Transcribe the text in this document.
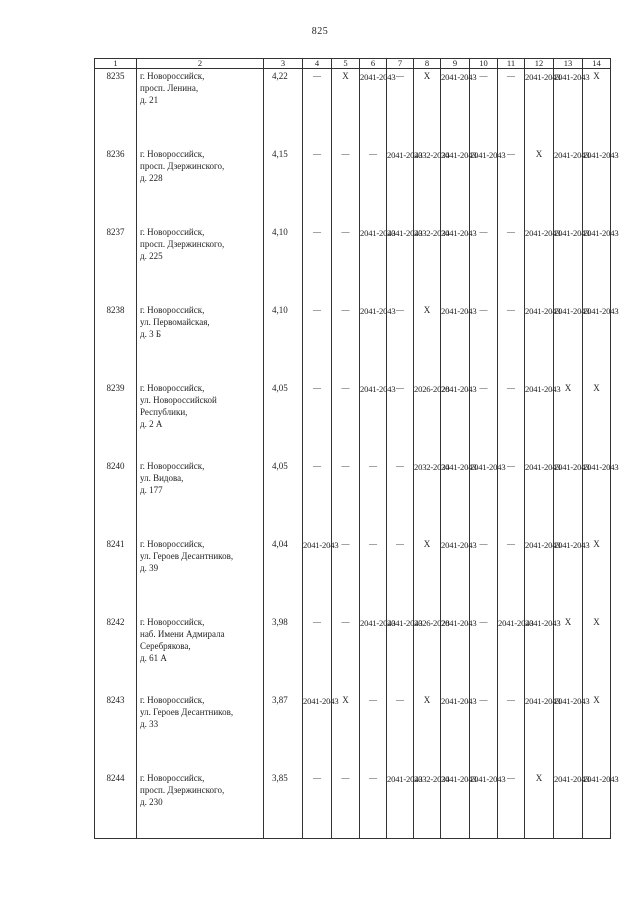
825
1	2	3	4	5	6	7	8	9	10	11	12	13	14
8235	г. Новороссийск,
просп. Ленина,
д. 21	4,22	—	X	2041-2043	—	X	2041-2043	—	—	2041-2043	2041-2043	X

8236	г. Новороссийск,
просп. Дзержинского,
д. 228	4,15	—	—	—	2041-2043	2032-2034	2041-2043	2041-2043	—	X	2041-2043	2041-2043

8237	г. Новороссийск,
просп. Дзержинского,
д. 225	4,10	—	—	2041-2043	2041-2043	2032-2034	2041-2043	—	—	2041-2043	2041-2043	2041-2043

8238	г. Новороссийск,
ул. Первомайская,
д. 3 Б	4,10	—	—	2041-2043	—	X	2041-2043	—	—	2041-2043	2041-2043	2041-2043

8239	г. Новороссийск,
ул. Новороссийской
Республики,
д. 2 А	4,05	—	—	2041-2043	—	2026-2028	2041-2043	—	—	2041-2043	X	X

8240	г. Новороссийск,
ул. Видова,
д. 177	4,05	—	—	—	—	2032-2034	2041-2043	2041-2043	—	2041-2043	2041-2043	2041-2043

8241	г. Новороссийск,
ул. Героев Десантников,
д. 39	4,04	2041-2043	—	—	—	X	2041-2043	—	—	2041-2043	2041-2043	X

8242	г. Новороссийск,
наб. Имени Адмирала
Серебрякова,
д. 61 А	3,98	—	—	2041-2043	2041-2043	2026-2028	2041-2043	—	2041-2043	2041-2043	X	X

8243	г. Новороссийск,
ул. Героев Десантников,
д. 33	3,87	2041-2043	X	—	—	X	2041-2043	—	—	2041-2043	2041-2043	X

8244	г. Новороссийск,
просп. Дзержинского,
д. 230	3,85	—	—	—	2041-2043	2032-2034	2041-2043	2041-2043	—	X	2041-2043	2041-2043
